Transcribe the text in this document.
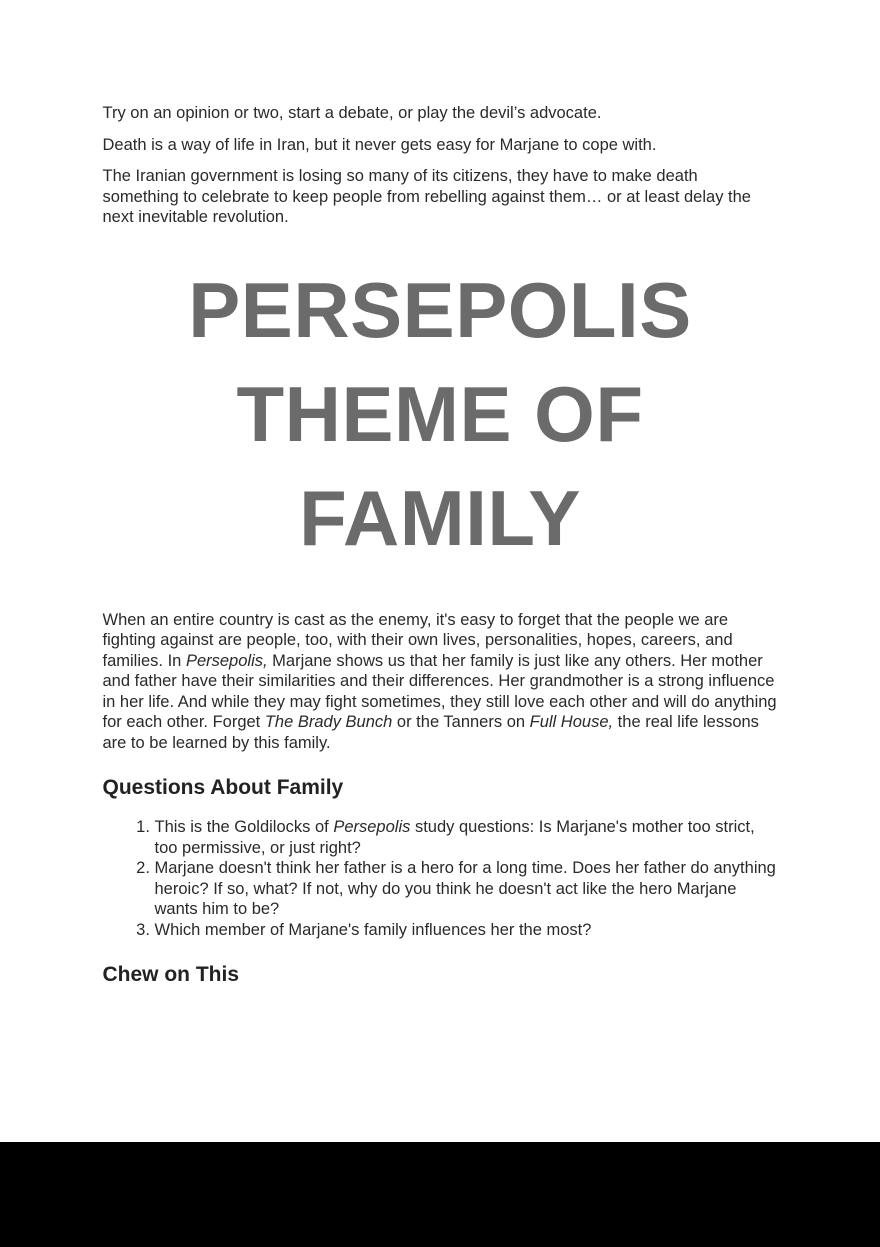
Try on an opinion or two, start a debate, or play the devil’s advocate.

Death is a way of life in Iran, but it never gets easy for Marjane to cope with.

The Iranian government is losing so many of its citizens, they have to make death something to celebrate to keep people from rebelling against them… or at least delay the next inevitable revolution.

PERSEPOLIS
THEME OF
FAMILY

When an entire country is cast as the enemy, it's easy to forget that the people we are fighting against are people, too, with their own lives, personalities, hopes, careers, and families. In Persepolis, Marjane shows us that her family is just like any others. Her mother and father have their similarities and their differences. Her grandmother is a strong influence in her life. And while they may fight sometimes, they still love each other and will do anything for each other. Forget The Brady Bunch or the Tanners on Full House, the real life lessons are to be learned by this family.

Questions About Family
1. This is the Goldilocks of Persepolis study questions: Is Marjane's mother too strict, too permissive, or just right?
2. Marjane doesn't think her father is a hero for a long time. Does her father do anything heroic? If so, what? If not, why do you think he doesn't act like the hero Marjane wants him to be?
3. Which member of Marjane's family influences her the most?
Chew on This
